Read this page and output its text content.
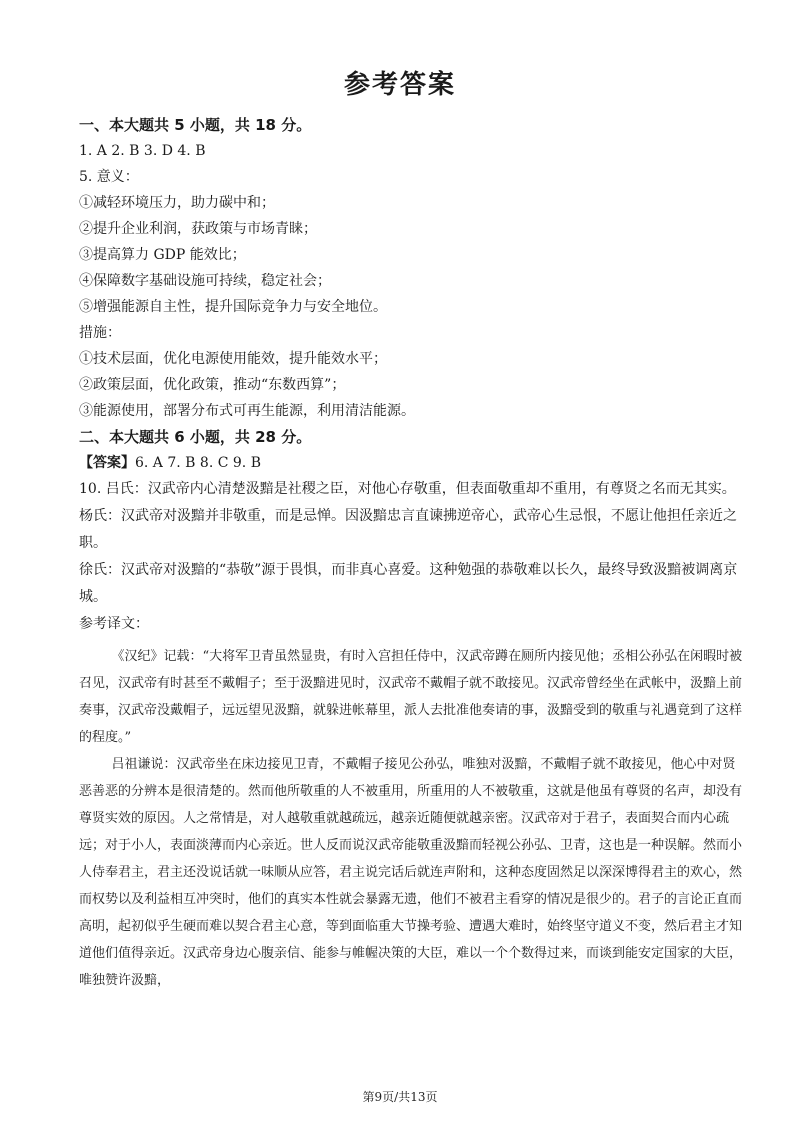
参考答案
一、本大题共 5 小题，共 18 分。
1. A 2. B 3. D 4. B
5. 意义：
①减轻环境压力，助力碳中和；
②提升企业利润，获政策与市场青睐；
③提高算力 GDP 能效比；
④保障数字基础设施可持续，稳定社会；
⑤增强能源自主性，提升国际竞争力与安全地位。
措施：
①技术层面，优化电源使用能效，提升能效水平；
②政策层面，优化政策，推动“东数西算”；
③能源使用，部署分布式可再生能源，利用清洁能源。
二、本大题共 6 小题，共 28 分。
【答案】6. A 7. B 8. C 9. B
10. 吕氏：汉武帝内心清楚汲黯是社稷之臣，对他心存敬重，但表面敬重却不重用，有尊贤之名而无其实。
杨氏：汉武帝对汲黯并非敬重，而是忌惮。因汲黯忠言直谏拂逆帝心，武帝心生忌恨，不愿让他担任亲近之职。
徐氏：汉武帝对汲黯的“恭敬”源于畏惧，而非真心喜爱。这种勉强的恭敬难以长久，最终导致汲黯被调离京城。
参考译文：

《汉纪》记载：“大将军卫青虽然显贵，有时入宫担任侍中，汉武帝蹲在厕所内接见他；丞相公孙弘在闲暇时被召见，汉武帝有时甚至不戴帽子；至于汲黯进见时，汉武帝不戴帽子就不敢接见。汉武帝曾经坐在武帐中，汲黯上前奏事，汉武帝没戴帽子，远远望见汲黯，就躲进帐幕里，派人去批准他奏请的事，汲黯受到的敬重与礼遇竟到了这样的程度。”

吕祖谦说：汉武帝坐在床边接见卫青，不戴帽子接见公孙弘，唯独对汲黯，不戴帽子就不敢接见，他心中对贤恶善恶的分辨本是很清楚的。然而他所敬重的人不被重用，所重用的人不被敬重，这就是他虽有尊贤的名声，却没有尊贤实效的原因。人之常情是，对人越敬重就越疏远，越亲近随便就越亲密。汉武帝对于君子，表面契合而内心疏远；对于小人，表面淡薄而内心亲近。世人反而说汉武帝能敬重汲黯而轻视公孙弘、卫青，这也是一种误解。然而小人侍奉君主，君主还没说话就一味顺从应答，君主说完话后就连声附和，这种态度固然足以深深博得君主的欢心，然而权势以及利益相互冲突时，他们的真实本性就会暴露无遗，他们不被君主看穿的情况是很少的。君子的言论正直而高明，起初似乎生硬而难以契合君主心意，等到面临重大节操考验、遭遇大难时，始终坚守道义不变，然后君主才知道他们值得亲近。汉武帝身边心腹亲信、能参与帷幄决策的大臣，难以一个个数得过来，而谈到能安定国家的大臣，唯独赞许汲黯，

第9页/共13页
